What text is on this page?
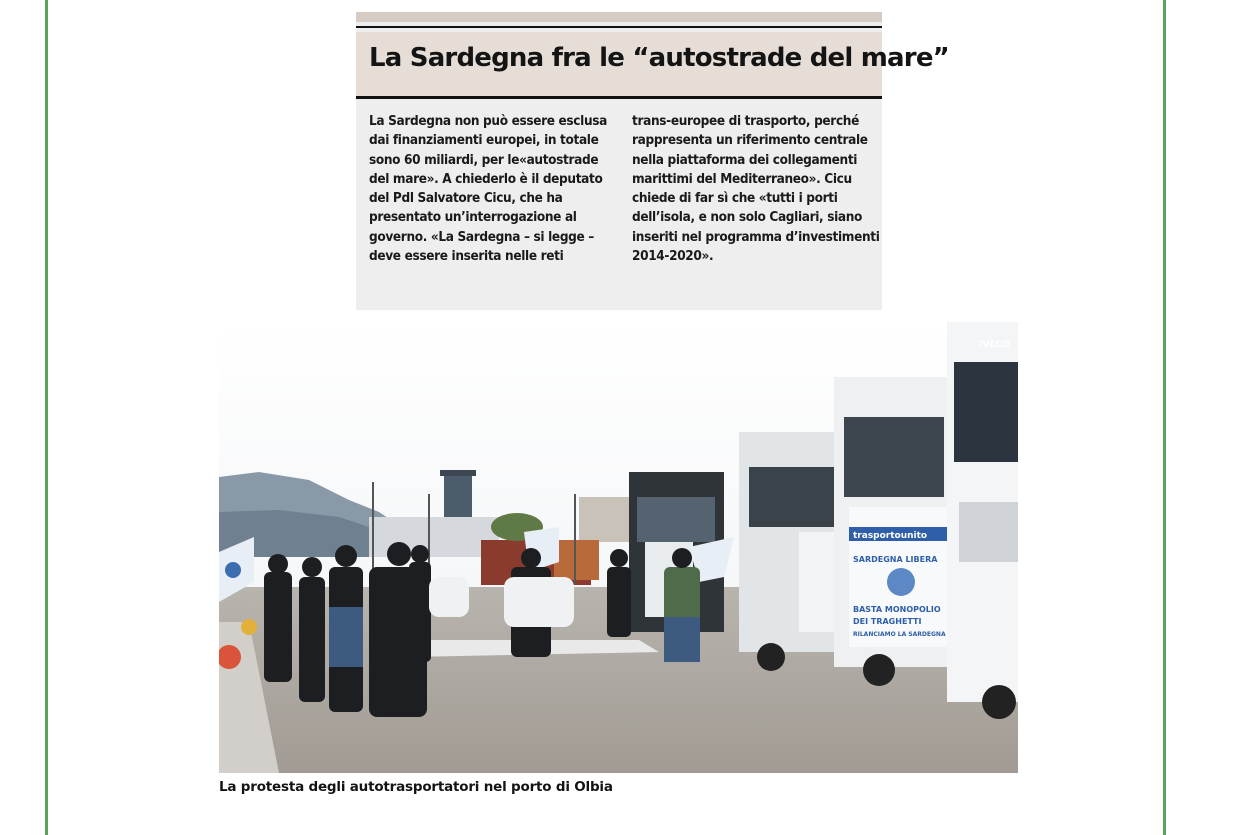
La Sardegna fra le “autostrade del mare”

La Sardegna non può essere esclusa dai finanziamenti europei, in totale sono 60 miliardi, per le«autostrade del mare». A chiederlo è il deputato del Pdl Salvatore Cicu, che ha presentato un’interrogazione al governo. «La Sardegna – si legge – deve essere inserita nelle reti

trans-europee di trasporto, perché rappresenta un riferimento centrale nella piattaforma dei collegamenti marittimi del Mediterraneo». Cicu chiede di far sì che «tutti i porti dell’isola, e non solo Cagliari, siano inseriti nel programma d’investimenti 2014-2020».

trasportounito
SARDEGNA LIBERA
BASTA MONOPOLIO
DEI TRAGHETTI
RILANCIAMO LA SARDEGNA
IVECO

La protesta degli autotrasportatori nel porto di Olbia
